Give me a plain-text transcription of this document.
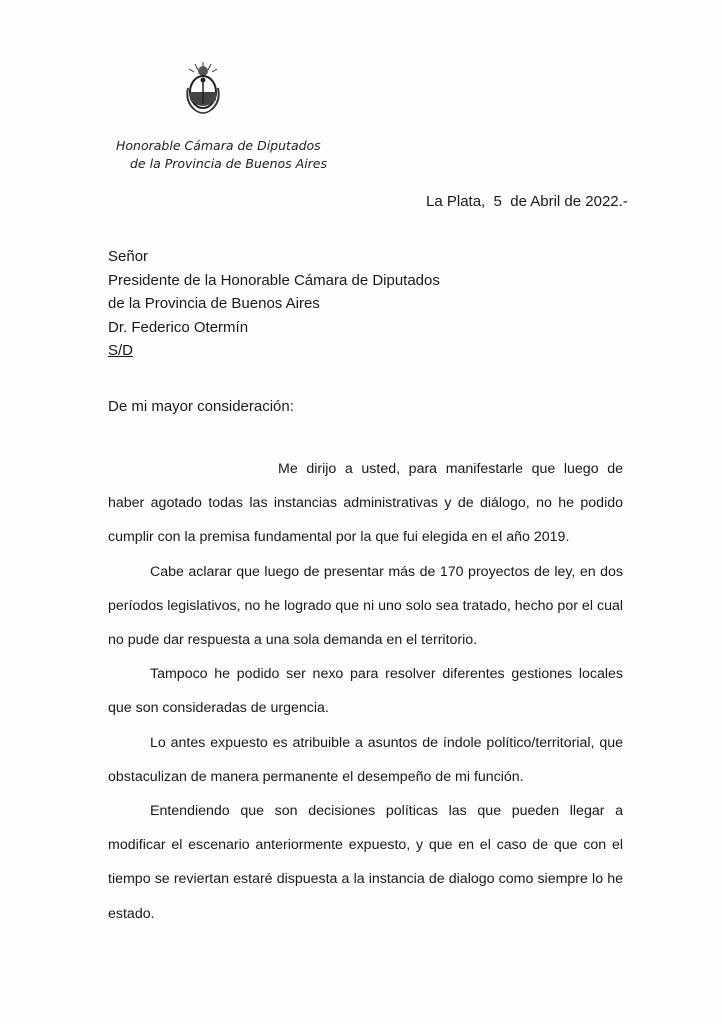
Honorable Cámara de Diputados
de la Provincia de Buenos Aires
La Plata,  5  de Abril de 2022.-
Señor
Presidente de la Honorable Cámara de Diputados
de la Provincia de Buenos Aires
Dr. Federico Otermín
S/D
De mi mayor consideración:

Me dirijo a usted, para manifestarle que luego de haber agotado todas las instancias administrativas y de diálogo, no he podido cumplir con la premisa fundamental por la que fui elegida en el año 2019.

Cabe aclarar que luego de presentar más de 170 proyectos de ley, en dos períodos legislativos, no he logrado que ni uno solo sea tratado, hecho por el cual no pude dar respuesta a una sola demanda en el territorio.

Tampoco he podido ser nexo para resolver diferentes gestiones locales que son consideradas de urgencia.

Lo antes expuesto es atribuible a asuntos de índole político/territorial, que obstaculizan de manera permanente el desempeño de mi función.

Entendiendo que son decisiones políticas las que pueden llegar a modificar el escenario anteriormente expuesto, y que en el caso de que con el tiempo se reviertan estaré dispuesta a la instancia de dialogo como siempre lo he estado.
